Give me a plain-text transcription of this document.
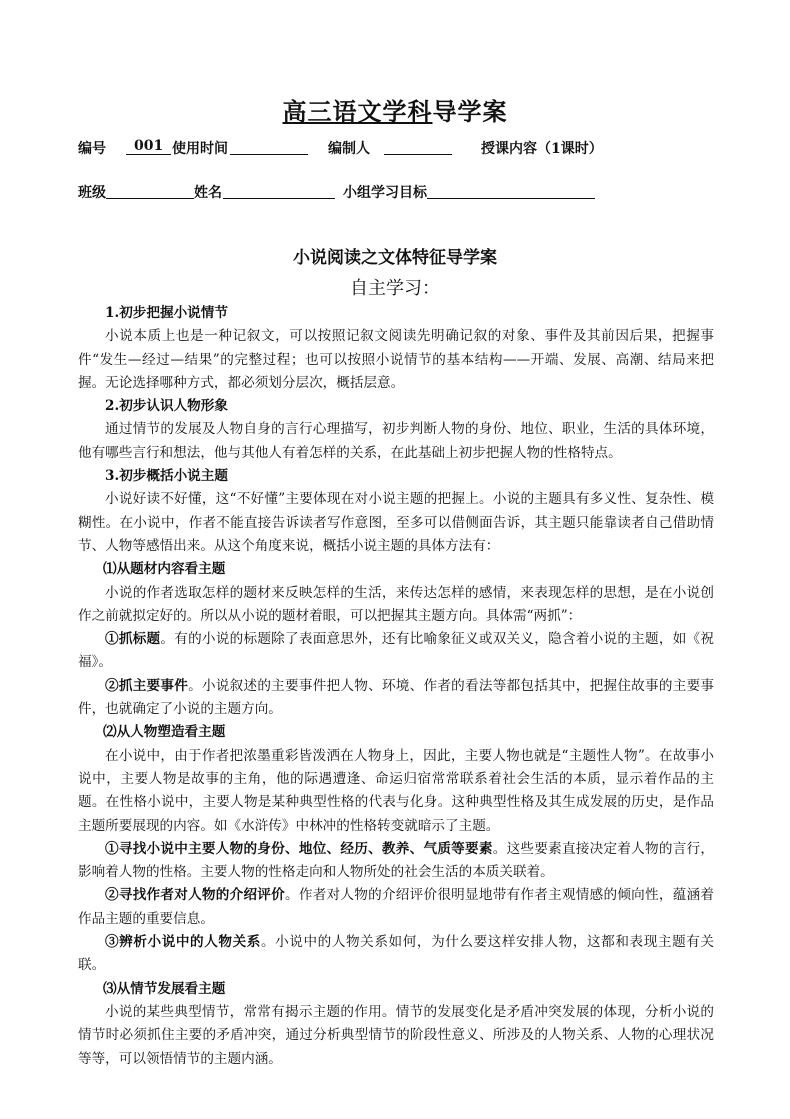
高三语文学科导学案
编号	001 使用时间	编制人	授课内容（1课时）
班级	姓名	小组学习目标
小说阅读之文体特征导学案
自主学习：

1.初步把握小说情节

小说本质上也是一种记叙文，可以按照记叙文阅读先明确记叙的对象、事件及其前因后果，把握事件“发生—经过—结果”的完整过程；也可以按照小说情节的基本结构——开端、发展、高潮、结局来把握。无论选择哪种方式，都必须划分层次，概括层意。

2.初步认识人物形象

通过情节的发展及人物自身的言行心理描写，初步判断人物的身份、地位、职业，生活的具体环境，他有哪些言行和想法，他与其他人有着怎样的关系，在此基础上初步把握人物的性格特点。

3.初步概括小说主题

小说好读不好懂，这“不好懂”主要体现在对小说主题的把握上。小说的主题具有多义性、复杂性、模糊性。在小说中，作者不能直接告诉读者写作意图，至多可以借侧面告诉，其主题只能靠读者自己借助情节、人物等感悟出来。从这个角度来说，概括小说主题的具体方法有：

⑴从题材内容看主题

小说的作者选取怎样的题材来反映怎样的生活，来传达怎样的感情，来表现怎样的思想，是在小说创作之前就拟定好的。所以从小说的题材着眼，可以把握其主题方向。具体需“两抓”：

①抓标题。有的小说的标题除了表面意思外，还有比喻象征义或双关义，隐含着小说的主题，如《祝福》。

②抓主要事件。小说叙述的主要事件把人物、环境、作者的看法等都包括其中，把握住故事的主要事件，也就确定了小说的主题方向。

⑵从人物塑造看主题

在小说中，由于作者把浓墨重彩皆泼洒在人物身上，因此，主要人物也就是“主题性人物”。在故事小说中，主要人物是故事的主角，他的际遇遭逢、命运归宿常常联系着社会生活的本质，显示着作品的主题。在性格小说中，主要人物是某种典型性格的代表与化身。这种典型性格及其生成发展的历史，是作品主题所要展现的内容。如《水浒传》中林冲的性格转变就暗示了主题。

①寻找小说中主要人物的身份、地位、经历、教养、气质等要素。这些要素直接决定着人物的言行，影响着人物的性格。主要人物的性格走向和人物所处的社会生活的本质关联着。

②寻找作者对人物的介绍评价。作者对人物的介绍评价很明显地带有作者主观情感的倾向性，蕴涵着作品主题的重要信息。

③辨析小说中的人物关系。小说中的人物关系如何，为什么要这样安排人物，这都和表现主题有关联。

⑶从情节发展看主题

小说的某些典型情节，常常有揭示主题的作用。情节的发展变化是矛盾冲突发展的体现，分析小说的情节时必须抓住主要的矛盾冲突，通过分析典型情节的阶段性意义、所涉及的人物关系、人物的心理状况等等，可以领悟情节的主题内涵。
